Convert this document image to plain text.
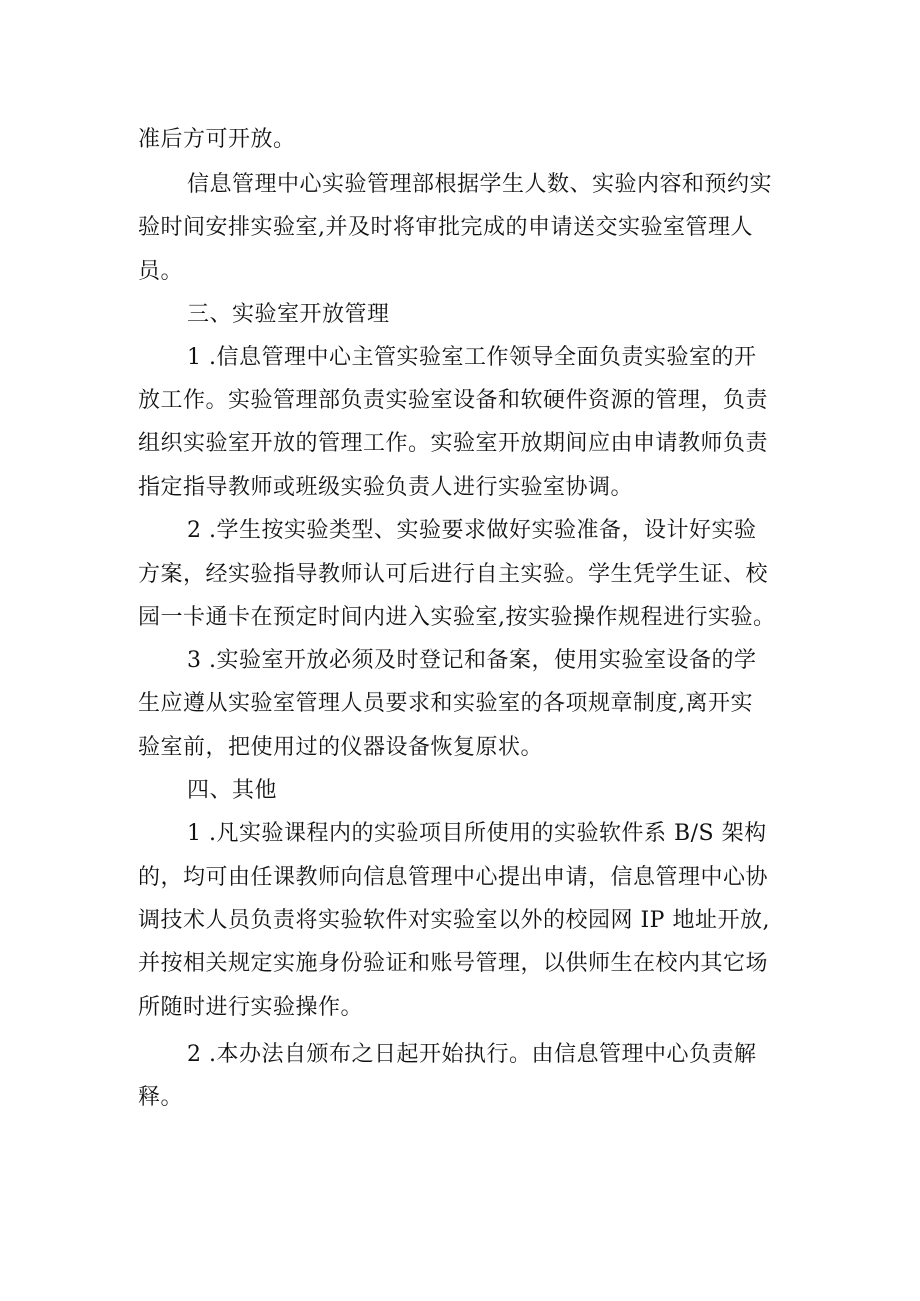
准后方可开放。
信息管理中心实验管理部根据学生人数、实验内容和预约实
验时间安排实验室,并及时将审批完成的申请送交实验室管理人
员。
三、实验室开放管理
1 .信息管理中心主管实验室工作领导全面负责实验室的开
放工作。实验管理部负责实验室设备和软硬件资源的管理，负责
组织实验室开放的管理工作。实验室开放期间应由申请教师负责
指定指导教师或班级实验负责人进行实验室协调。
2 .学生按实验类型、实验要求做好实验准备，设计好实验
方案，经实验指导教师认可后进行自主实验。学生凭学生证、校
园一卡通卡在预定时间内进入实验室,按实验操作规程进行实验。
3 .实验室开放必须及时登记和备案，使用实验室设备的学
生应遵从实验室管理人员要求和实验室的各项规章制度,离开实
验室前，把使用过的仪器设备恢复原状。
四、其他
1 .凡实验课程内的实验项目所使用的实验软件系 B/S 架构
的，均可由任课教师向信息管理中心提出申请，信息管理中心协
调技术人员负责将实验软件对实验室以外的校园网 IP 地址开放,
并按相关规定实施身份验证和账号管理，以供师生在校内其它场
所随时进行实验操作。
2 .本办法自颁布之日起开始执行。由信息管理中心负责解
释。
